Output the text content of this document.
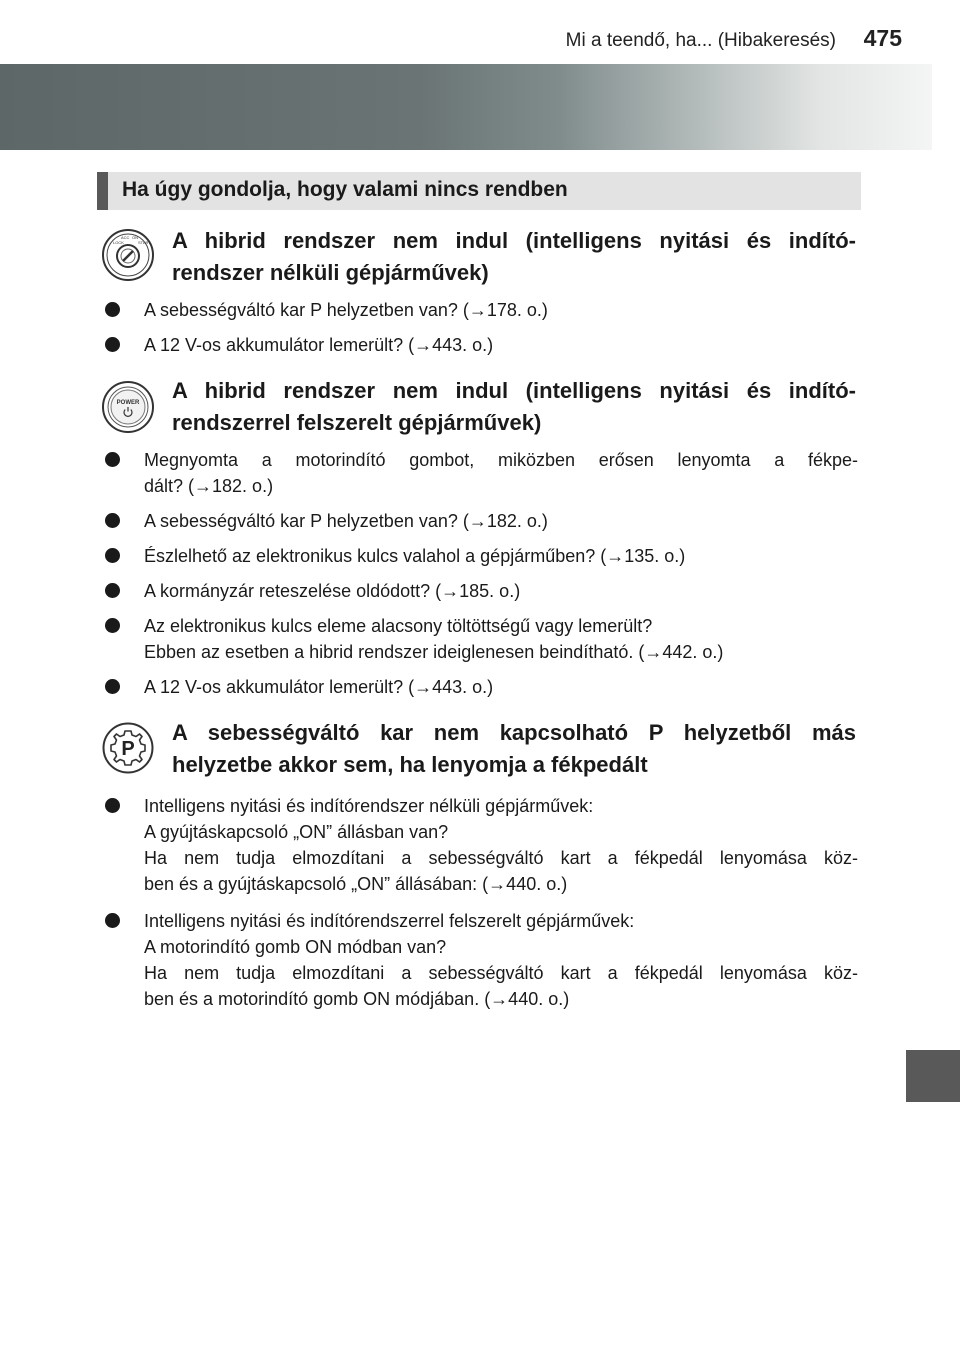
Mi a teendő, ha... (Hibakeresés) 475
Ha úgy gondolja, hogy valami nincs rendben
LOCK
ACC ON
START A hibrid rendszer nem indul (intelligens nyitási és indító-
rendszer nélküli gépjárművek)
A sebességváltó kar P helyzetben van? (→178. o.)
A 12 V-os akkumulátor lemerült? (→443. o.)
POWER A hibrid rendszer nem indul (intelligens nyitási és indító-
rendszerrel felszerelt gépjárművek)
Megnyomta a motorindító gombot, miközben erősen lenyomta a fékpe-
dált? (→182. o.)
A sebességváltó kar P helyzetben van? (→182. o.)
Észlelhető az elektronikus kulcs valahol a gépjárműben? (→135. o.)
A kormányzár reteszelése oldódott? (→185. o.)
Az elektronikus kulcs eleme alacsony töltöttségű vagy lemerült?
Ebben az esetben a hibrid rendszer ideiglenesen beindítható. (→442. o.)
A 12 V-os akkumulátor lemerült? (→443. o.)
P
A sebességváltó kar nem kapcsolható P helyzetből más
helyzetbe akkor sem, ha lenyomja a fékpedált
Intelligens nyitási és indítórendszer nélküli gépjárművek:
A gyújtáskapcsoló „ON” állásban van?
Ha nem tudja elmozdítani a sebességváltó kart a fékpedál lenyomása köz-
ben és a gyújtáskapcsoló „ON” állásában: (→440. o.)
Intelligens nyitási és indítórendszerrel felszerelt gépjárművek:
A motorindító gomb ON módban van?
Ha nem tudja elmozdítani a sebességváltó kart a fékpedál lenyomása köz-
ben és a motorindító gomb ON módjában. (→440. o.)
